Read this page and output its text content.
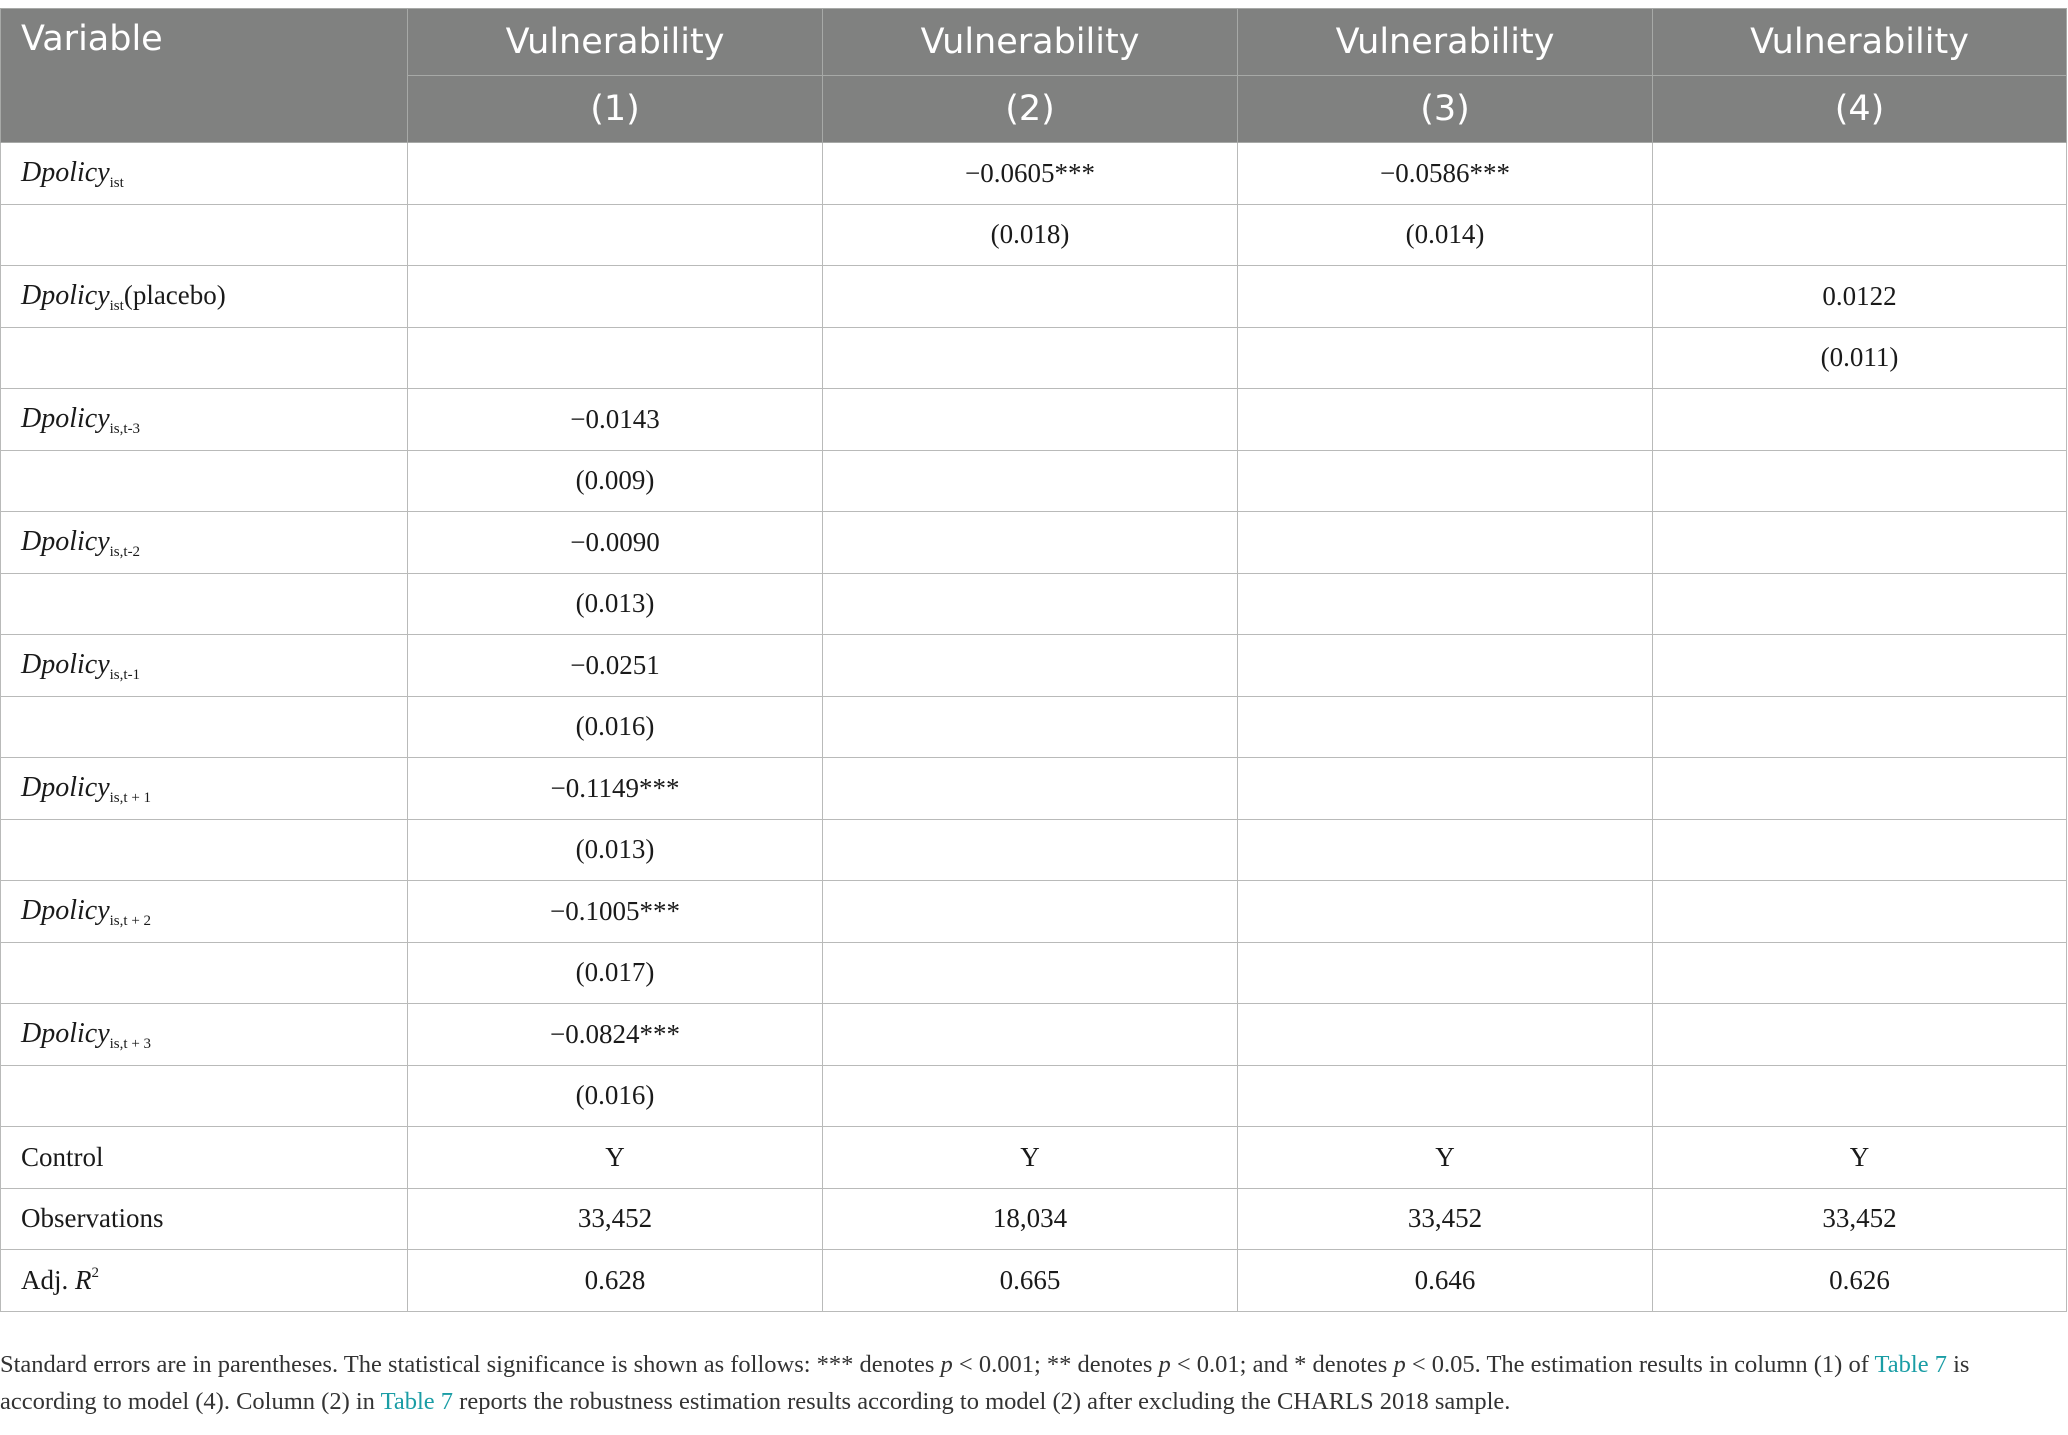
Variable	Vulnerability	Vulnerability	Vulnerability	Vulnerability
	(1)	(2)	(3)	(4)
Dpolicy$_{ist}$		−0.0605***	−0.0586***	
		(0.018)	(0.014)	
Dpolicy$_{ist}$(placebo)				0.0122
				(0.011)
Dpolicy$_{is,t-3}$	−0.0143			
	(0.009)			
Dpolicy$_{is,t-2}$	−0.0090			
	(0.013)			
Dpolicy$_{is,t-1}$	−0.0251			
	(0.016)			
Dpolicy$_{is,t + 1}$	−0.1149***			
	(0.013)			
Dpolicy$_{is,t + 2}$	−0.1005***			
	(0.017)			
Dpolicy$_{is,t + 3}$	−0.0824***			
	(0.016)			
Control	Y	Y	Y	Y
Observations	33,452	18,034	33,452	33,452
Adj. $R^2$	0.628	0.665	0.646	0.626
Standard errors are in parentheses. The statistical significance is shown as follows: *** denotes p < 0.001; ** denotes p < 0.01; and * denotes p < 0.05. The estimation results in column (1) of Table 7 is according to model (4). Column (2) in Table 7 reports the robustness estimation results according to model (2) after excluding the CHARLS 2018 sample.
